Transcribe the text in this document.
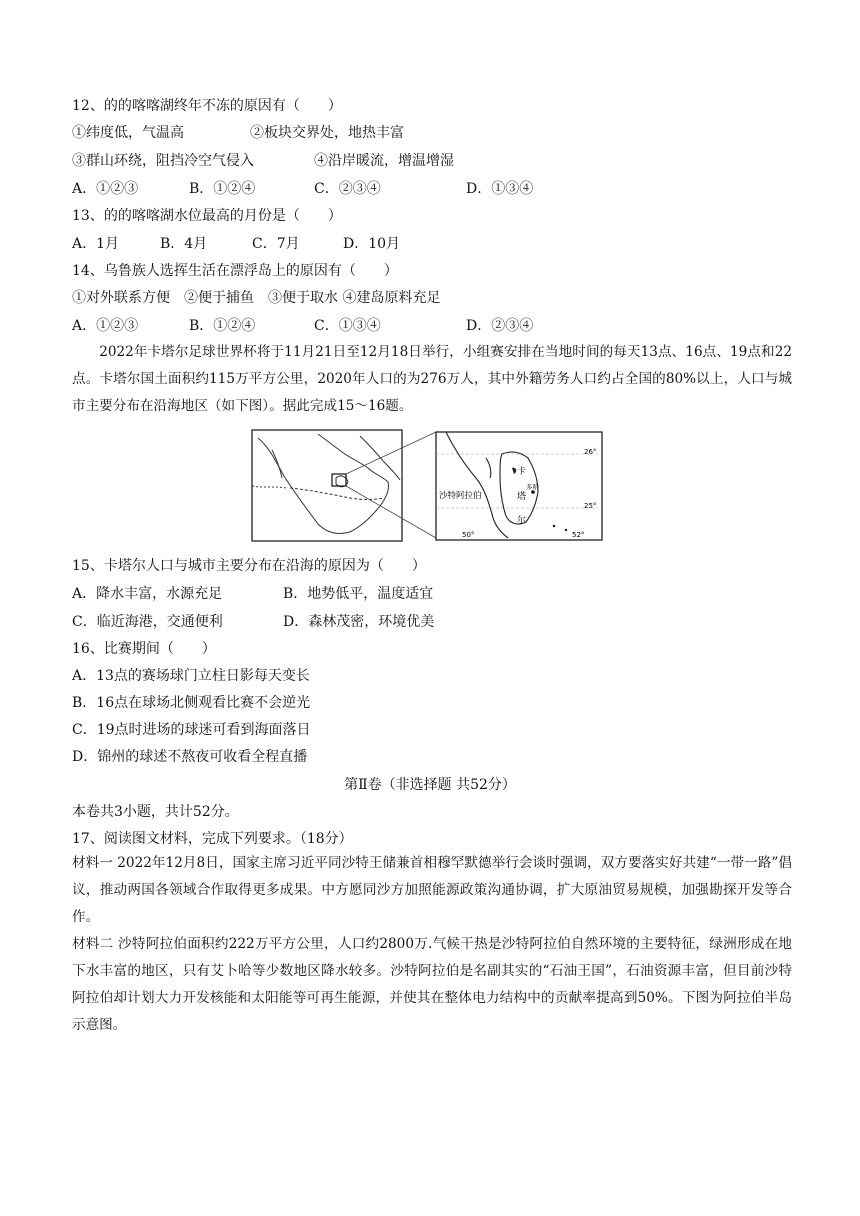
12、的的喀喀湖终年不冻的原因有（　　）
①纬度低，气温高	②板块交界处，地热丰富
③群山环绕，阻挡冷空气侵入	④沿岸暖流，增温增湿
A．①②③	B．①②④	C．②③④	D．①③④
13、的的喀喀湖水位最高的月份是（　　）
A．1月	B．4月	C．7月	D．10月
14、乌鲁族人选挥生活在漂浮岛上的原因有（　　）
①对外联系方便　②便于捕鱼　③便于取水 ④建岛原料充足
A．①②③	B．①②④	C．①③④	D．②③④

2022年卡塔尔足球世界杯将于11月21日至12月18日举行，小组赛安排在当地时间的每天13点、16点、19点和22点。卡塔尔国土面积约115万平方公里，2020年人口的为276万人，其中外籍劳务人口约占全国的80%以上，人口与城市主要分布在沿海地区（如下图）。据此完成15～16题。

沙特阿拉伯
卡
塔
尔
多哈
26°
25°
50°	52°
15、卡塔尔人口与城市主要分布在沿海的原因为（　　）
A．降水丰富，水源充足	B．地势低平，温度适宜
C．临近海港，交通便利	D．森林茂密，环境优美
16、比赛期间（　　）
A．13点的赛场球门立柱日影每天变长
B．16点在球场北侧观看比赛不会逆光
C．19点时进场的球迷可看到海面落日
D．锦州的球述不熬夜可收看全程直播
第Ⅱ卷（非选择题 共52分）
本卷共3小题，共计52分。
17、阅读图文材料，完成下列要求。（18分）

材料一 2022年12月8日，国家主席习近平同沙特王储兼首相穆罕默德举行会谈时强调，双方要落实好共建“一带一路”倡议，推动两国各领域合作取得更多成果。中方愿同沙方加照能源政策沟通协调，扩大原油贸易规模，加强勘探开发等合作。

材料二 沙特阿拉伯面积约222万平方公里，人口约2800万.气候干热是沙特阿拉伯自然环境的主要特征，绿洲形成在地下水丰富的地区，只有艾卜哈等少数地区降水较多。沙特阿拉伯是名副其实的“石油王国”，石油资源丰富，但目前沙特阿拉伯却计划大力开发核能和太阳能等可再生能源，并使其在整体电力结构中的贡献率提高到50%。下图为阿拉伯半岛示意图。
